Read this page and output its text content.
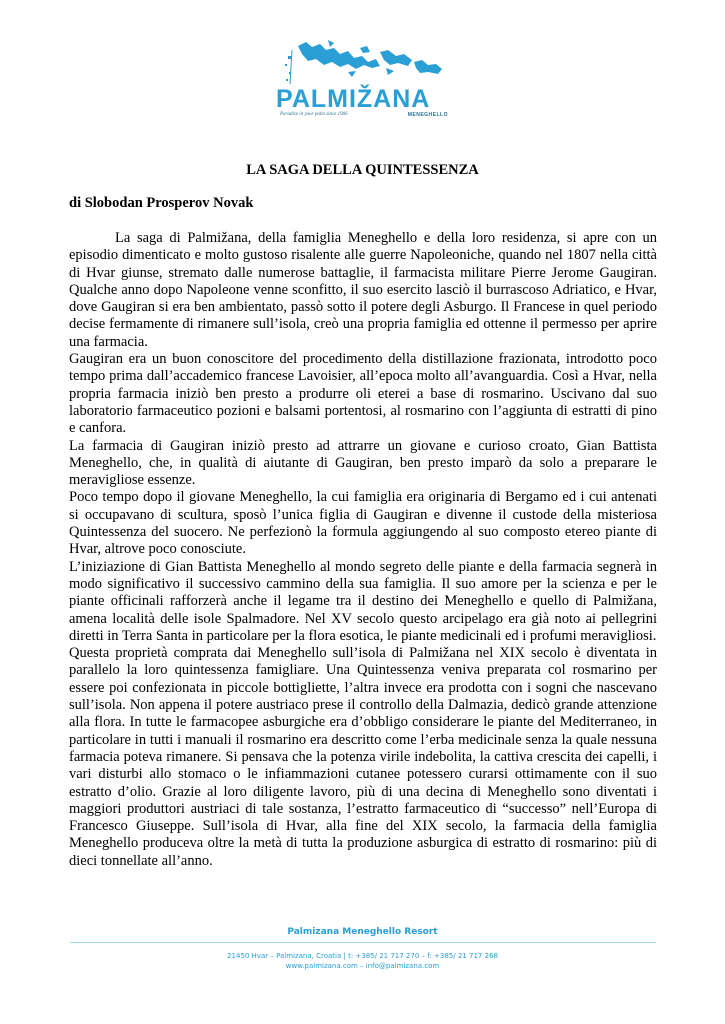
PALMIŽANA
Paradise in your palm since 1906	MENEGHELLO
LA SAGA DELLA QUINTESSENZA
di Slobodan Prosperov Novak

La saga di Palmižana, della famiglia Meneghello e della loro residenza, si apre con un episodio dimenticato e molto gustoso risalente alle guerre Napoleoniche, quando nel 1807 nella città di Hvar giunse, stremato dalle numerose battaglie, il farmacista militare Pierre Jerome Gaugiran. Qualche anno dopo Napoleone venne sconfitto, il suo esercito lasciò il burrascoso Adriatico, e Hvar, dove Gaugiran si era ben ambientato, passò sotto il potere degli Asburgo. Il Francese in quel periodo decise fermamente di rimanere sull’isola, creò una propria famiglia ed ottenne il permesso per aprire una farmacia.

Gaugiran era un buon conoscitore del procedimento della distillazione frazionata, introdotto poco tempo prima dall’accademico francese Lavoisier, all’epoca molto all’avanguardia. Così a Hvar, nella propria farmacia iniziò ben presto a produrre oli eterei a base di rosmarino. Uscivano dal suo laboratorio farmaceutico pozioni e balsami portentosi, al rosmarino con l’aggiunta di estratti di pino e canfora.

La farmacia di Gaugiran iniziò presto ad attrarre un giovane e curioso croato, Gian Battista Meneghello, che, in qualità di aiutante di Gaugiran, ben presto imparò da solo a preparare le meravigliose essenze.

Poco tempo dopo il giovane Meneghello, la cui famiglia era originaria di Bergamo ed i cui antenati si occupavano di scultura, sposò l’unica figlia di Gaugiran e divenne il custode della misteriosa Quintessenza del suocero. Ne perfezionò la formula aggiungendo al suo composto etereo piante di Hvar, altrove poco conosciute.

L’iniziazione di Gian Battista Meneghello al mondo segreto delle piante e della farmacia segnerà in modo significativo il successivo cammino della sua famiglia. Il suo amore per la scienza e per le piante officinali rafforzerà anche il legame tra il destino dei Meneghello e quello di Palmižana, amena località delle isole Spalmadore. Nel XV secolo questo arcipelago era già noto ai pellegrini diretti in Terra Santa in particolare per la flora esotica, le piante medicinali ed i profumi meravigliosi.

Questa proprietà comprata dai Meneghello sull’isola di Palmižana nel XIX secolo è diventata in parallelo la loro quintessenza famigliare. Una Quintessenza veniva preparata col rosmarino per essere poi confezionata in piccole bottigliette, l’altra invece era prodotta con i sogni che nascevano sull’isola. Non appena il potere austriaco prese il controllo della Dalmazia, dedicò grande attenzione alla flora. In tutte le farmacopee asburgiche era d’obbligo considerare le piante del Mediterraneo, in particolare in tutti i manuali il rosmarino era descritto come l’erba medicinale senza la quale nessuna farmacia poteva rimanere. Si pensava che la potenza virile indebolita, la cattiva crescita dei capelli, i vari disturbi allo stomaco o le infiammazioni cutanee potessero curarsi ottimamente con il suo estratto d’olio. Grazie al loro diligente lavoro, più di una decina di Meneghello sono diventati i maggiori produttori austriaci di tale sostanza, l’estratto farmaceutico di “successo” nell’Europa di Francesco Giuseppe. Sull’isola di Hvar, alla fine del XIX secolo, la farmacia della famiglia Meneghello produceva oltre la metà di tutta la produzione asburgica di estratto di rosmarino: più di dieci tonnellate all’anno.

Palmizana Meneghello Resort
21450 Hvar – Palmizana, Croatia | t: +385/ 21 717 270 – f: +385/ 21 717 268
www.palmizana.com – info@palmizana.com
